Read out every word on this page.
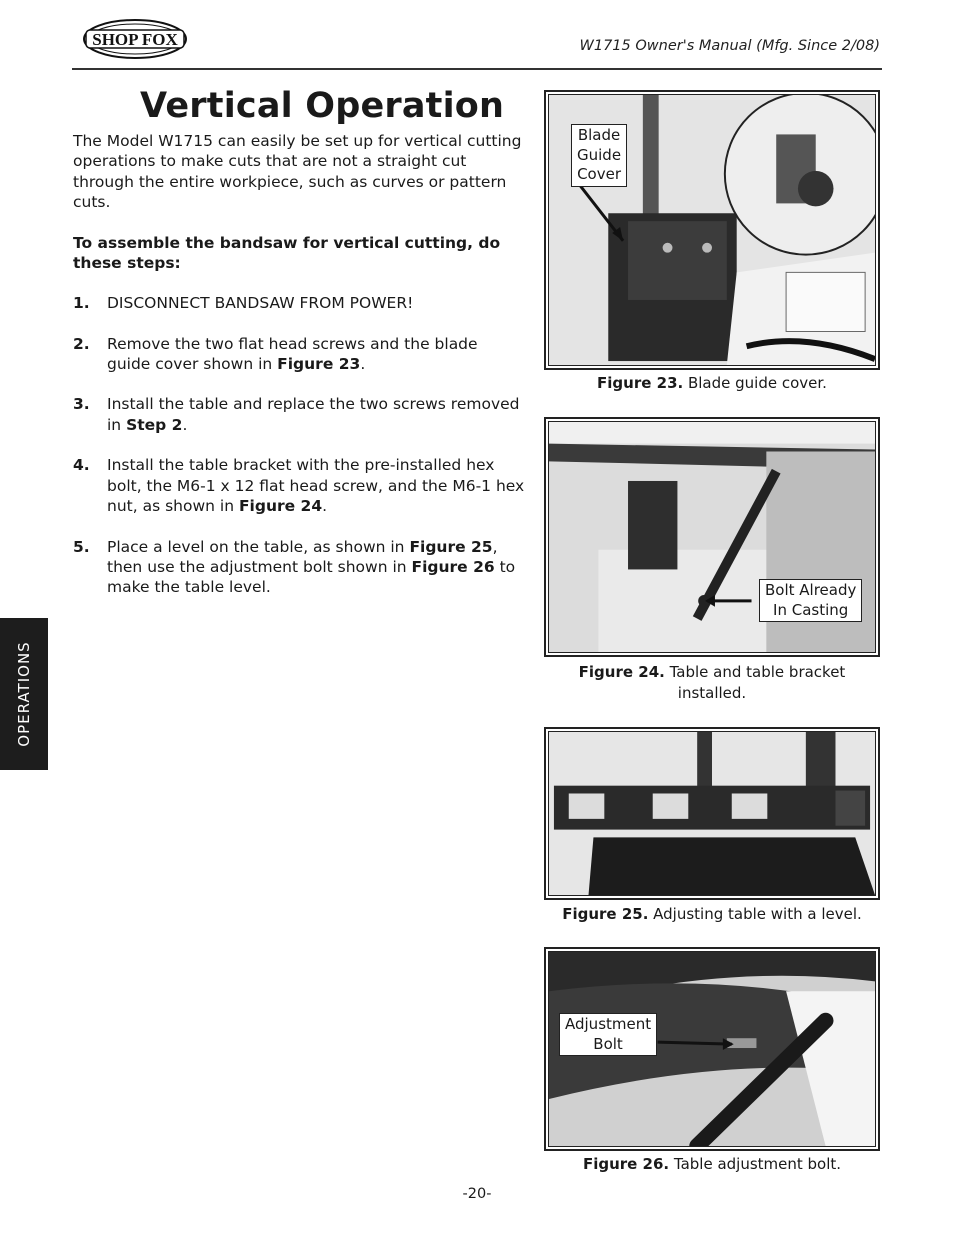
SHOP FOX	W1715 Owner's Manual (Mfg. Since 2/08)
Vertical Operation

The Model W1715 can easily be set up for vertical cutting operations to make cuts that are not a straight cut through the entire workpiece, such as curves or pattern cuts.

To assemble the bandsaw for vertical cutting, do these steps:

1.	DISCONNECT BANDSAW FROM POWER!
2.	Remove the two flat head screws and the blade guide cover shown in Figure 23.
3.	Install the table and replace the two screws removed in Step 2.
4.	Install the table bracket with the pre-installed hex bolt, the M6-1 x 12 flat head screw, and the M6-1 hex nut, as shown in Figure 24.
5.	Place a level on the table, as shown in Figure 25, then use the adjustment bolt shown in Figure 26 to make the table level.
OPERATIONS
Blade
Guide
Cover
Figure 23. Blade guide cover.
Bolt Already
In Casting
Figure 24. Table and table bracket installed.
Figure 25. Adjusting table with a level.
Adjustment
Bolt
Figure 26. Table adjustment bolt.
-20-
